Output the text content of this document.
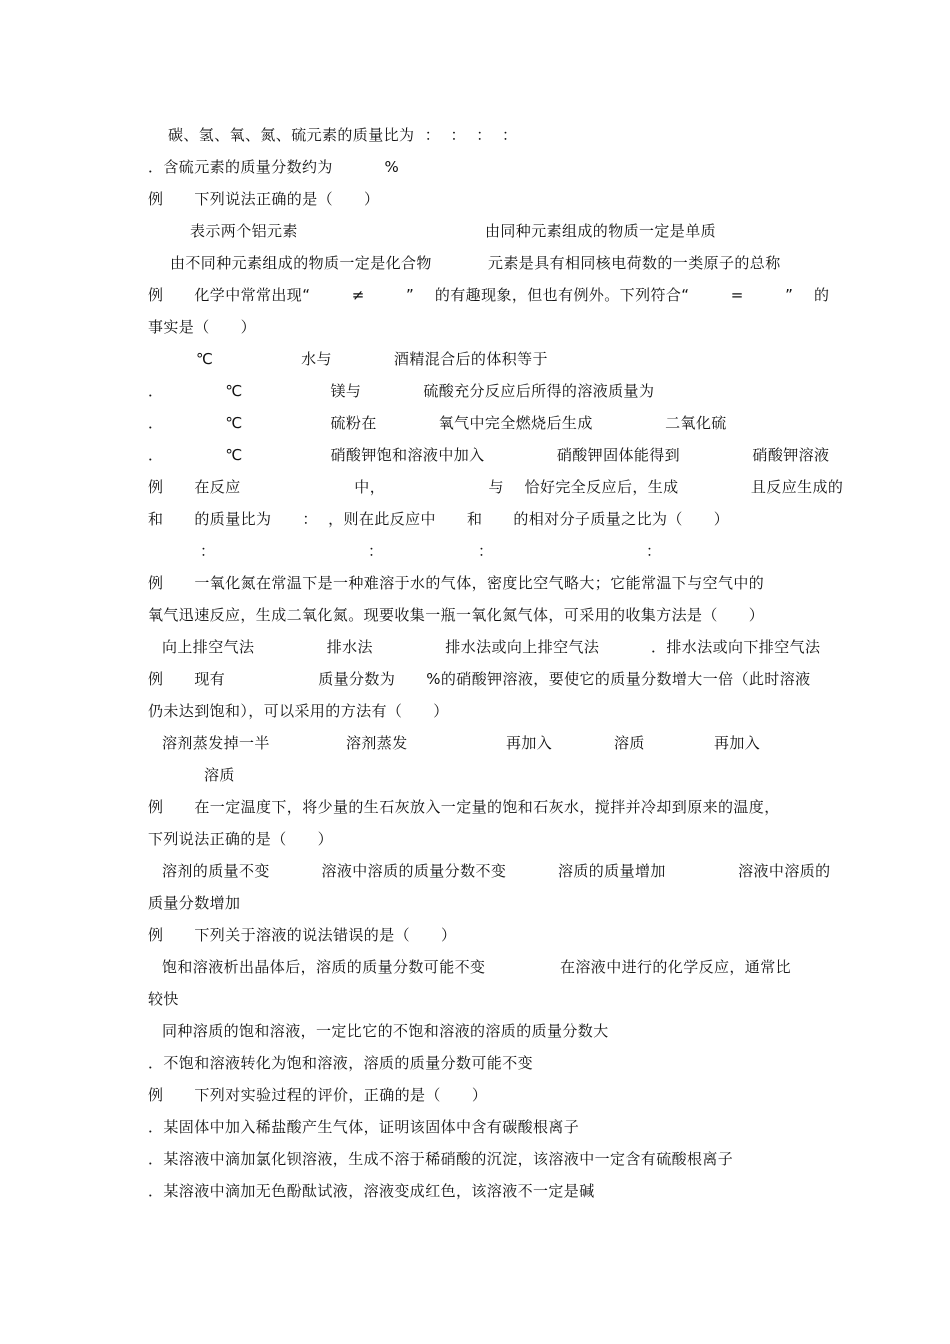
碳、氢、氧、氮、硫元素的质量比为  ：  ：  ：  ：
．含硫元素的质量分数约为          %
例      下列说法正确的是（      ）
表示两个铝元素	由同种元素组成的物质一定是单质
由不同种元素组成的物质一定是化合物	元素是具有相同核电荷数的一类原子的总称
例      化学中常常出现“        ≠        ”    的有趣现象，但也有例外。下列符合“        =        ”    的
事实是（      ）
℃                 水与            酒精混合后的体积等于
．            ℃                 镁与            硫酸充分反应后所得的溶液质量为
．            ℃                 硫粉在            氧气中完全燃烧后生成              二氧化硫
．            ℃                 硝酸钾饱和溶液中加入              硝酸钾固体能得到              硝酸钾溶液
例      在反应                      中，                    与    恰好完全反应后，生成              且反应生成的
和      的质量比为      ：  ，则在此反应中      和      的相对分子质量之比为（      ）
：	：	：	：
例      一氧化氮在常温下是一种难溶于水的气体，密度比空气略大；它能常温下与空气中的
氧气迅速反应，生成二氧化氮。现要收集一瓶一氧化氮气体，可采用的收集方法是（      ）
向上排空气法              排水法              排水法或向上排空气法          ．排水法或向下排空气法
例      现有                  质量分数为      %的硝酸钾溶液，要使它的质量分数增大一倍（此时溶液
仍未达到饱和），可以采用的方法有（      ）
溶剂蒸发掉一半	溶剂蒸发	再加入	溶质	再加入
溶质
例      在一定温度下，将少量的生石灰放入一定量的饱和石灰水，搅拌并冷却到原来的温度，
下列说法正确的是（      ）
溶剂的质量不变          溶液中溶质的质量分数不变          溶质的质量增加              溶液中溶质的
质量分数增加
例      下列关于溶液的说法错误的是（      ）
饱和溶液析出晶体后，溶质的质量分数可能不变	在溶液中进行的化学反应，通常比
较快
同种溶质的饱和溶液，一定比它的不饱和溶液的溶质的质量分数大
．不饱和溶液转化为饱和溶液，溶质的质量分数可能不变
例      下列对实验过程的评价，正确的是（      ）
．某固体中加入稀盐酸产生气体，证明该固体中含有碳酸根离子
．某溶液中滴加氯化钡溶液，生成不溶于稀硝酸的沉淀，该溶液中一定含有硫酸根离子
．某溶液中滴加无色酚酞试液，溶液变成红色，该溶液不一定是碱
